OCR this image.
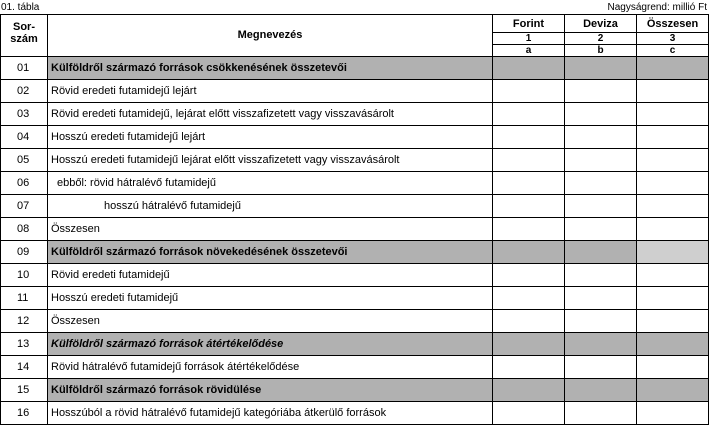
01. tábla	Nagyságrend: millió Ft
Sor-
szám	Megnevezés	Forint	Deviza	Összesen
		1	2	3
		a	b	c
01	Külföldről származó források csökkenésének összetevői			
02	Rövid eredeti futamidejű lejárt			
03	Rövid eredeti futamidejű, lejárat előtt visszafizetett vagy visszavásárolt			
04	Hosszú eredeti futamidejű lejárt			
05	Hosszú eredeti futamidejű lejárat előtt visszafizetett vagy visszavásárolt			
06	ebből: rövid hátralévő futamidejű			
07	hosszú hátralévő futamidejű			
08	Összesen			
09	Külföldről származó források növekedésének összetevői			
10	Rövid eredeti futamidejű			
11	Hosszú eredeti futamidejű			
12	Összesen			
13	Külföldről származó források átértékelődése			
14	Rövid hátralévő futamidejű források átértékelődése			
15	Külföldről származó források rövidülése			
16	Hosszúból a rövid hátralévő futamidejű kategóriába átkerülő források			
